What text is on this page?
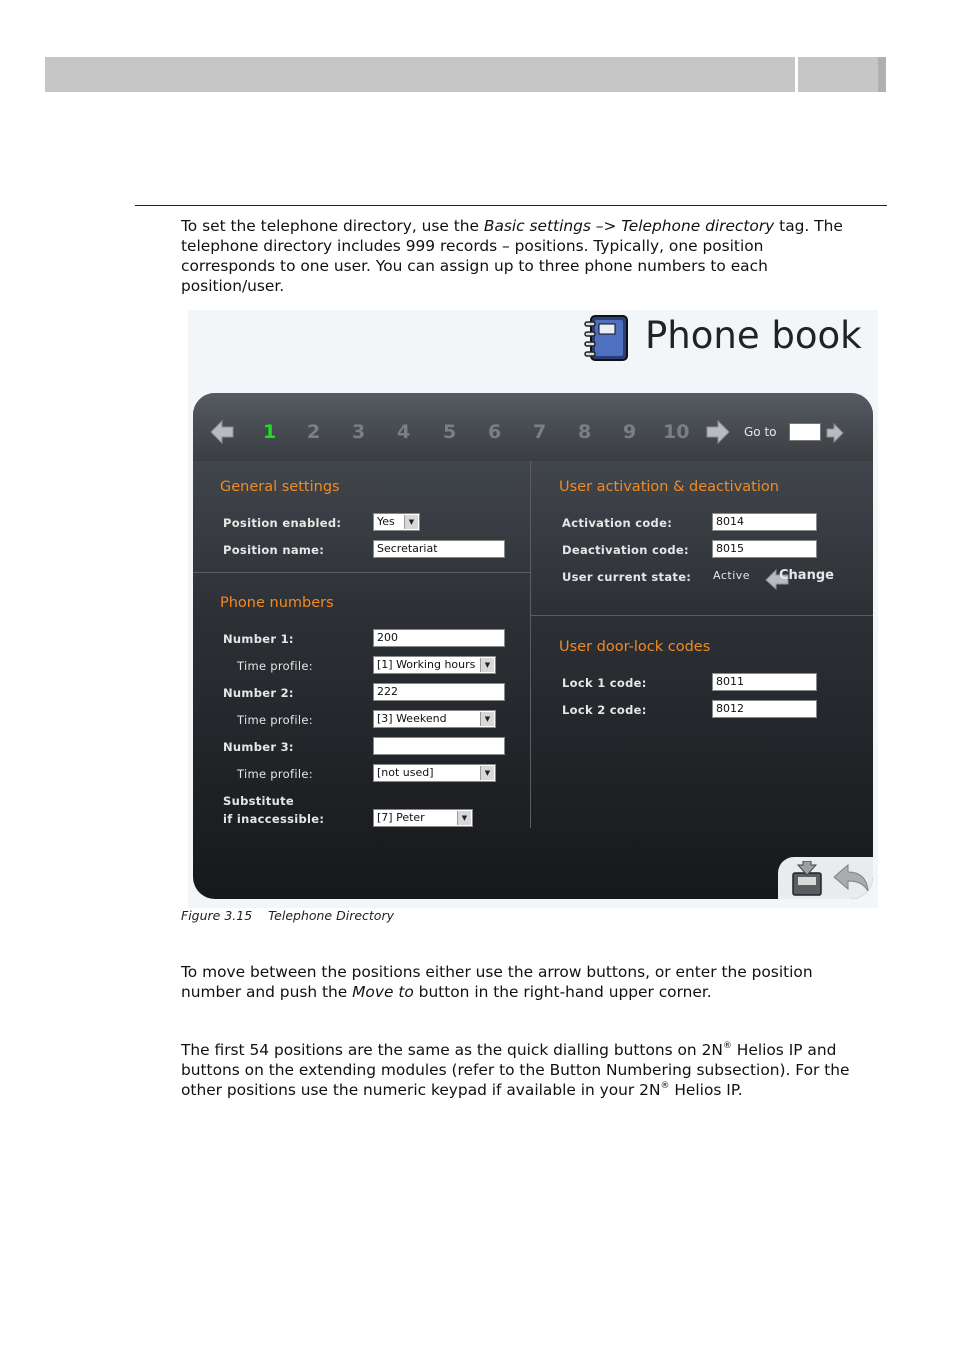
To set the telephone directory, use the Basic settings –> Telephone directory tag. The
telephone directory includes 999 records – positions. Typically, one position
corresponds to one user. You can assign up to three phone numbers to each
position/user.
Phone book
1 2 3 4 5 6 7 8 9 10	Go to
General settings
Position enabled:	Yes	▼
Position name:	Secretariat
Phone numbers
Number 1:	200
Time profile:	[1] Working hours	▼
Number 2:	222
Time profile:	[3] Weekend	▼
Number 3:
Time profile:	[not used]	▼
Substitute
if inaccessible:	[7] Peter	▼
User activation & deactivation
Activation code:	8014
Deactivation code:	8015
User current state: Active Change
User door-lock codes
Lock 1 code:	8011
Lock 2 code:	8012
Figure 3.15 Telephone Directory
To move between the positions either use the arrow buttons, or enter the position
number and push the Move to button in the right-hand upper corner.
The first 54 positions are the same as the quick dialling buttons on 2N® Helios IP and
buttons on the extending modules (refer to the Button Numbering subsection). For the
other positions use the numeric keypad if available in your 2N® Helios IP.
